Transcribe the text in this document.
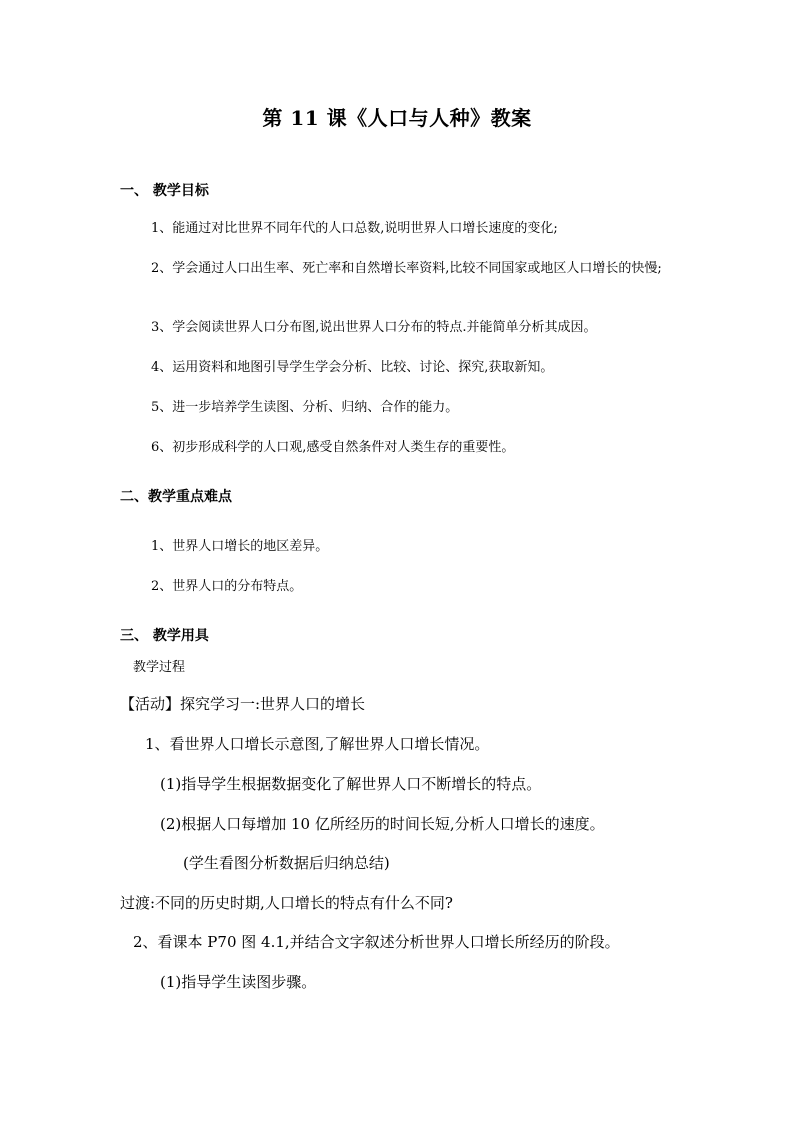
第 11 课《人口与人种》教案
一、 教学目标
1、能通过对比世界不同年代的人口总数,说明世界人口增长速度的变化;
2、学会通过人口出生率、死亡率和自然增长率资料,比较不同国家或地区人口增长的快慢;
3、学会阅读世界人口分布图,说出世界人口分布的特点.并能简单分析其成因。
4、运用资料和地图引导学生学会分析、比较、讨论、探究,获取新知。
5、进一步培养学生读图、分析、归纳、合作的能力。
6、初步形成科学的人口观,感受自然条件对人类生存的重要性。
二、教学重点难点
1、世界人口增长的地区差异。
2、世界人口的分布特点。
三、 教学用具
教学过程
【活动】探究学习一:世界人口的增长
1、看世界人口增长示意图,了解世界人口增长情况。
(1)指导学生根据数据变化了解世界人口不断增长的特点。
(2)根据人口每增加 10 亿所经历的时间长短,分析人口增长的速度。
(学生看图分析数据后归纳总结)
过渡:不同的历史时期,人口增长的特点有什么不同?
2、看课本 P70 图 4.1,并结合文字叙述分析世界人口增长所经历的阶段。
(1)指导学生读图步骤。
